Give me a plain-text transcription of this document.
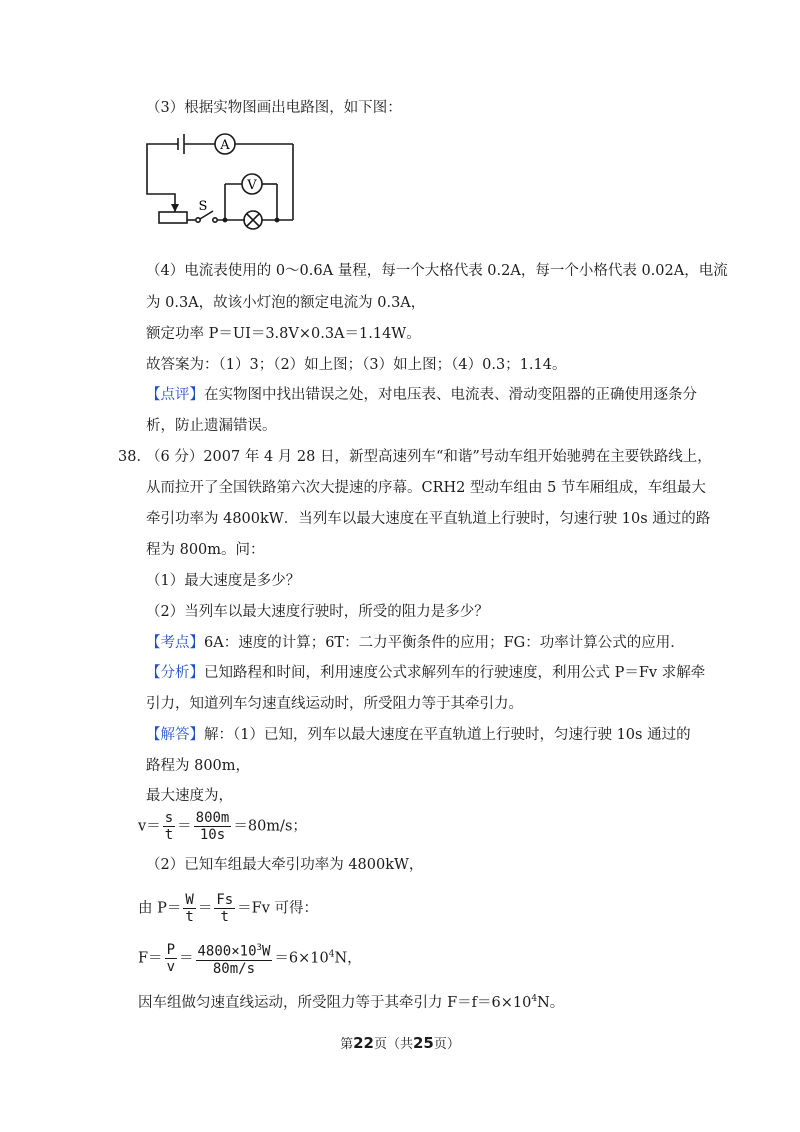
（3）根据实物图画出电路图，如下图：
A
V
S
（4）电流表使用的 0～0.6A 量程，每一个大格代表 0.2A，每一个小格代表 0.02A，电流
为 0.3A，故该小灯泡的额定电流为 0.3A，
额定功率 P＝UI＝3.8V×0.3A＝1.14W。
故答案为：（1）3；（2）如上图；（3）如上图；（4）0.3；1.14。
【点评】在实物图中找出错误之处，对电压表、电流表、滑动变阻器的正确使用逐条分
析，防止遗漏错误。
38．
（6 分）2007 年 4 月 28 日，新型高速列车“和谐”号动车组开始驰骋在主要铁路线上，
从而拉开了全国铁路第六次大提速的序幕。CRH2 型动车组由 5 节车厢组成，车组最大
牵引功率为 4800kW．当列车以最大速度在平直轨道上行驶时，匀速行驶 10s 通过的路
程为 800m。问：
（1）最大速度是多少？
（2）当列车以最大速度行驶时，所受的阻力是多少？
【考点】6A：速度的计算；6T：二力平衡条件的应用；FG：功率计算公式的应用．
【分析】已知路程和时间，利用速度公式求解列车的行驶速度，利用公式 P＝Fv 求解牵
引力，知道列车匀速直线运动时，所受阻力等于其牵引力。
【解答】解：（1）已知，列车以最大速度在平直轨道上行驶时，匀速行驶 10s 通过的
路程为 800m，
最大速度为，
$v= \frac{s}{t} = \frac{800m}{10s} =80m/s$；
（2）已知车组最大牵引功率为 4800kW，
由 $P= \frac{W}{t} = \frac{Fs}{t} =Fv$ 可得：
$F= \frac{P}{v} = \frac{4800\times 10^3W}{80m/s} =6\times 10^4N$，
因车组做匀速直线运动，所受阻力等于其牵引力 $F=f=6\times 10^4N$。
第22页（共25页）
